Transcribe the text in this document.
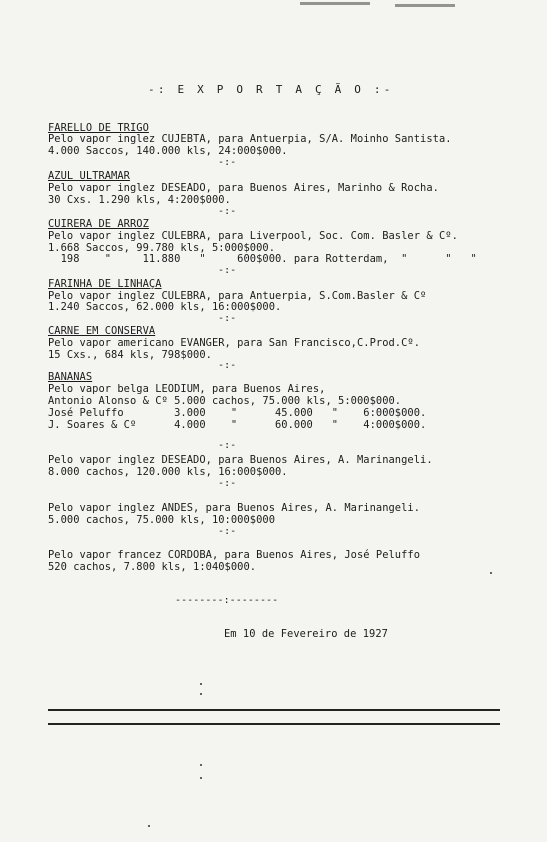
-: E X P O R T A Ç Ã O :-
FARELLO DE TRIGO
Pelo vapor inglez CUJEBTA, para Antuerpia, S/A. Moinho Santista.
4.000 Saccos, 140.000 kls, 24:000$000.
-:-
AZUL ULTRAMAR
Pelo vapor inglez DESEADO, para Buenos Aires, Marinho & Rocha.
30 Cxs. 1.290 kls, 4:200$000.
-:-
CUIRERA DE ARROZ
Pelo vapor inglez CULEBRA, para Liverpool, Soc. Com. Basler & Cº.
1.668 Saccos, 99.780 kls, 5:000$000.
198    "     11.880   "     600$000. para Rotterdam,  "      "   "
-:-
FARINHA DE LINHAÇA
Pelo vapor inglez CULEBRA, para Antuerpia, S.Com.Basler & Cº
1.240 Saccos, 62.000 kls, 16:000$000.
-:-
CARNE EM CONSERVA
Pelo vapor americano EVANGER, para San Francisco,C.Prod.Cº.
15 Cxs., 684 kls, 798$000.
-:-
BANANAS
Pelo vapor belga LEODIUM, para Buenos Aires,
Antonio Alonso & Cº 5.000 cachos, 75.000 kls, 5:000$000.
José Peluffo        3.000    "      45.000   "    6:000$000.
J. Soares & Cº      4.000    "      60.000   "    4:000$000.
-:-
Pelo vapor inglez DESEADO, para Buenos Aires, A. Marinangeli.
8.000 cachos, 120.000 kls, 16:000$000.
-:-
Pelo vapor inglez ANDES, para Buenos Aires, A. Marinangeli.
5.000 cachos, 75.000 kls, 10:000$000
-:-
Pelo vapor francez CORDOBA, para Buenos Aires, José Peluffo
520 cachos, 7.800 kls, 1:040$000.
--------:--------
Em 10 de Fevereiro de 1927
